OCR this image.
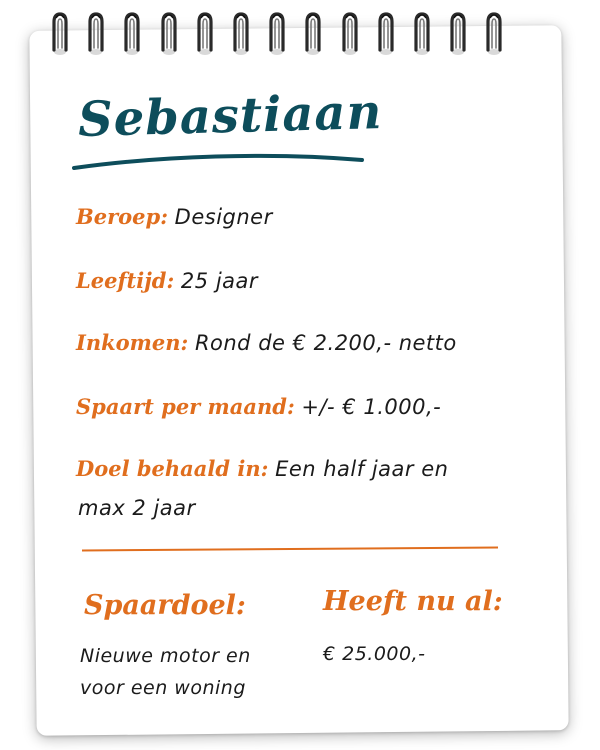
Sebastiaan
Beroep: Designer
Leeftijd: 25 jaar
Inkomen: Rond de € 2.200,- netto
Spaart per maand: +/- € 1.000,-
Doel behaald in: Een half jaar en
max 2 jaar
Spaardoel:
Nieuwe motor en
voor een woning
Heeft nu al:
€ 25.000,-
